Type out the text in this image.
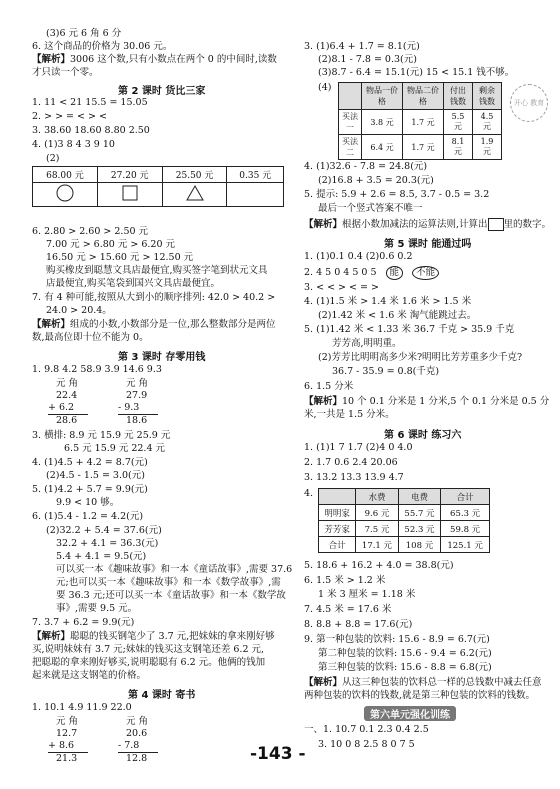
(3)6 元 6 角 6 分
6. 这个商品的价格为 30.06 元。
【解析】3006 这个数,只有小数点在两个 0 的中间时,读数
才只读一个零。
第 2 课时 货比三家
1. 11 < 21 15.5 = 15.05
2. > > = < > <
3. 38.60 18.60 8.80 2.50
4. (1)3 8 4 3 9 10
(2)
68.00 元	27.20 元	25.50 元	0.35 元

6. 2.80 > 2.60 > 2.50 元
7.00 元 > 6.80 元 > 6.20 元
16.50 元 > 15.60 元 > 12.50 元
购买橡皮到聪慧文具店最便宜,购买签字笔到状元文具
店最便宜,购买笔袋到国兴文具店最便宜。
7. 有 4 种可能,按照从大到小的顺序排列: 42.0 > 40.2 >
24.0 > 20.4。
【解析】组成的小数,小数部分是一位,那么整数部分是两位
数,最高位即十位不能为 0。
第 3 课时 存零用钱
1. 9.8 4.2 58.9 3.9 14.6 9.3
元 角
22.4
+ 6.2
28.6
元 角
27.9
- 9.3
18.6
3. 横排: 8.9 元 15.9 元 25.9 元
6.5 元 15.9 元 22.4 元
4. (1)4.5 + 4.2 = 8.7(元)
(2)4.5 - 1.5 = 3.0(元)
5. (1)4.2 + 5.7 = 9.9(元)
9.9 < 10 够。
6. (1)5.4 - 1.2 = 4.2(元)
(2)32.2 + 5.4 = 37.6(元)
32.2 + 4.1 = 36.3(元)
5.4 + 4.1 = 9.5(元)
可以买一本《趣味故事》和一本《童话故事》,需要 37.6
元;也可以买一本《趣味故事》和一本《数学故事》,需
要 36.3 元;还可以买一本《童话故事》和一本《数学故
事》,需要 9.5 元。
7. 3.7 + 6.2 = 9.9(元)
【解析】聪聪的钱买钢笔少了 3.7 元,把妹妹的拿来刚好够
买,说明妹妹有 3.7 元;妹妹的钱买这支钢笔还差 6.2 元,
把聪聪的拿来刚好够买,说明聪聪有 6.2 元。他俩的钱加
起来就是这支钢笔的价格。
第 4 课时 寄书
1. 10.1 4.9 11.9 22.0
元 角
12.7
+ 8.6
21.3
元 角
20.6
- 7.8
12.8
3. (1)6.4 + 1.7 = 8.1(元)
(2)8.1 - 7.8 = 0.3(元)
(3)8.7 - 6.4 = 15.1(元) 15 < 15.1 钱不够。
(4)
		物品一价格	物品二价格	付出钱数	剩余钱数
买法一	3.8 元	1.7 元	5.5 元	4.5 元
买法二	6.4 元	1.7 元	8.1 元	1.9 元
开心 教育
4. (1)32.6 - 7.8 = 24.8(元)
(2)16.8 + 3.5 = 20.3(元)
5. 提示: 5.9 + 2.6 = 8.5, 3.7 - 0.5 = 3.2
最后一个竖式答案不唯一
【解析】根据小数加减法的运算法则,计算出 里的数字。
第 5 课时 能通过吗
1. (1)0.1 0.4 (2)0.6 0.2
2. 4 5 0 4 5 0 5 能 不能
3. < < > < = >
4. (1)1.5 米 > 1.4 米 1.6 米 > 1.5 米
(2)1.42 米 < 1.6 米 淘气能跳过去。
5. (1)1.42 米 < 1.33 米 36.7 千克 > 35.9 千克
芳芳高,明明重。
(2)芳芳比明明高多少米?明明比芳芳重多少千克?
36.7 - 35.9 = 0.8(千克)
6. 1.5 分米
【解析】10 个 0.1 分米是 1 分米,5 个 0.1 分米是 0.5 分
米,一共是 1.5 分米。
第 6 课时 练习六
1. (1)1 7 1.7 (2)4 0 4.0
2. 1.7 0.6 2.4 20.06
3. 13.2 13.3 13.9 4.7
4.
		水费	电费	合计
明明家	9.6 元	55.7 元	65.3 元
芳芳家	7.5 元	52.3 元	59.8 元
合计	17.1 元	108 元	125.1 元
5. 18.6 + 16.2 + 4.0 = 38.8(元)
6. 1.5 米 > 1.2 米
1 米 3 厘米 = 1.18 米
7. 4.5 米 = 17.6 米
8. 8.8 + 8.8 = 17.6(元)
9. 第一种包装的饮料: 15.6 - 8.9 = 6.7(元)
第二种包装的饮料: 15.6 - 9.4 = 6.2(元)
第三种包装的饮料: 15.6 - 8.8 = 6.8(元)
【解析】从这三种包装的饮料总一样的总钱数中减去任意
两种包装的饮料的钱数,就是第三种包装的饮料的钱数。
第六单元强化训练
一、1. 10.7 0.1 2.3 0.4 2.5
3. 10 0 8 2.5 8 0 7 5
-143 -
